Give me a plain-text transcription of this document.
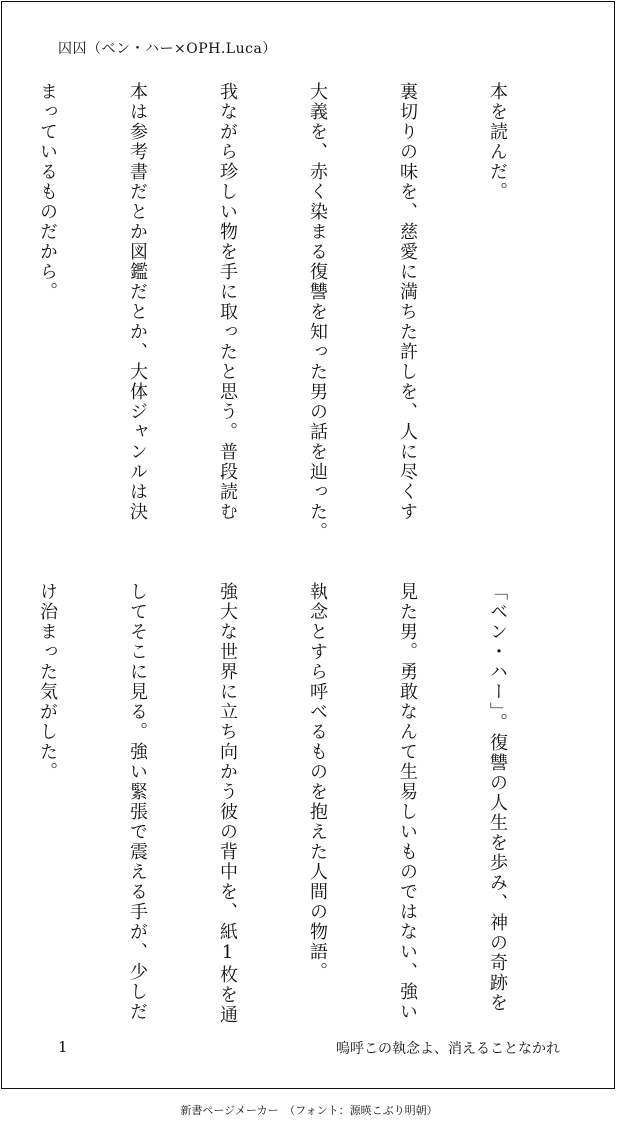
囚囚（ベン・ハー×OPH.Luca）

本を読んだ。

裏切りの味を、慈愛に満ちた許しを、人に尽くす

大義を、赤く染まる復讐を知った男の話を辿った。

我ながら珍しい物を手に取ったと思う。普段読む

本は参考書だとか図鑑だとか、大体ジャンルは決

まっているものだから。

「ベン・ハー」。復讐の人生を歩み、神の奇跡を

見た男。勇敢なんて生易しいものではない、強い

執念とすら呼べるものを抱えた人間の物語。

強大な世界に立ち向かう彼の背中を、紙1枚を通

してそこに見る。強い緊張で震える手が、少しだ

け治まった気がした。

1	嗚呼この執念よ、消えることなかれ
新書ページメーカー　（フォント：源暎こぶり明朝）
